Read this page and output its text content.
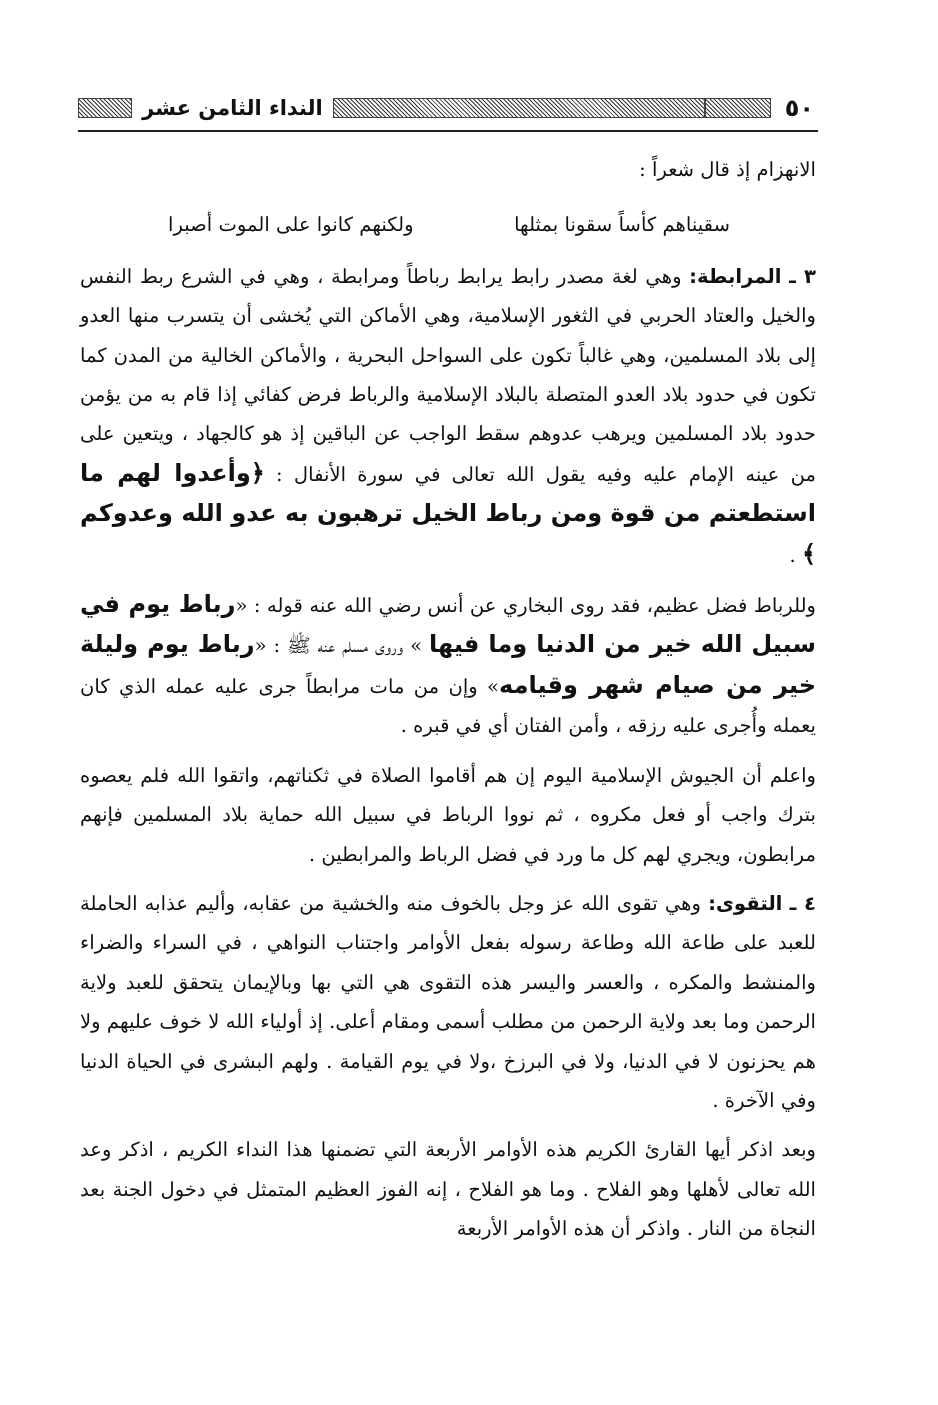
٥٠
النداء الثامن عشر

الانهزام إذ قال شعراً :

سقيناهم كأساً سقونا بمثلها
ولكنهم كانوا على الموت أصبرا

٣ ـ المرابطة: وهي لغة مصدر رابط يرابط رباطاً ومرابطة ، وهي في الشرع ربط النفس والخيل والعتاد الحربي في الثغور الإسلامية، وهي الأماكن التي يُخشى أن يتسرب منها العدو إلى بلاد المسلمين، وهي غالباً تكون على السواحل البحرية ، والأماكن الخالية من المدن كما تكون في حدود بلاد العدو المتصلة بالبلاد الإسلامية والرباط فرض كفائي إذا قام به من يؤمن حدود بلاد المسلمين ويرهب عدوهم سقط الواجب عن الباقين إذ هو كالجهاد ، ويتعين على من عينه الإمام عليه وفيه يقول الله تعالى في سورة الأنفال : ﴿وأعدوا لهم ما استطعتم من قوة ومن رباط الخيل ترهبون به عدو الله وعدوكم ﴾ .

وللرباط فضل عظيم، فقد روى البخاري عن أنس رضي الله عنه قوله : «رباط يوم في سبيل الله خير من الدنيا وما فيها » وروى مسلم عنه ﷺ : «رباط يوم وليلة خير من صيام شهر وقيامه» وإن من مات مرابطاً جرى عليه عمله الذي كان يعمله وأُجرى عليه رزقه ، وأمن الفتان أي في قبره .

واعلم أن الجيوش الإسلامية اليوم إن هم أقاموا الصلاة في ثكناتهم، واتقوا الله فلم يعصوه بترك واجب أو فعل مكروه ، ثم نووا الرباط في سبيل الله حماية بلاد المسلمين فإنهم مرابطون، ويجري لهم كل ما ورد في فضل الرباط والمرابطين .

٤ ـ التقوى: وهي تقوى الله عز وجل بالخوف منه والخشية من عقابه، وأليم عذابه الحاملة للعبد على طاعة الله وطاعة رسوله بفعل الأوامر واجتناب النواهي ، في السراء والضراء والمنشط والمكره ، والعسر واليسر هذه التقوى هي التي بها وبالإيمان يتحقق للعبد ولاية الرحمن وما بعد ولاية الرحمن من مطلب أسمى ومقام أعلى. إذ أولياء الله لا خوف عليهم ولا هم يحزنون لا في الدنيا، ولا في البرزخ ،ولا في يوم القيامة . ولهم البشرى في الحياة الدنيا وفي الآخرة .

وبعد اذكر أيها القارئ الكريم هذه الأوامر الأربعة التي تضمنها هذا النداء الكريم ، اذكر وعد الله تعالى لأهلها وهو الفلاح . وما هو الفلاح ، إنه الفوز العظيم المتمثل في دخول الجنة بعد النجاة من النار . واذكر أن هذه الأوامر الأربعة
